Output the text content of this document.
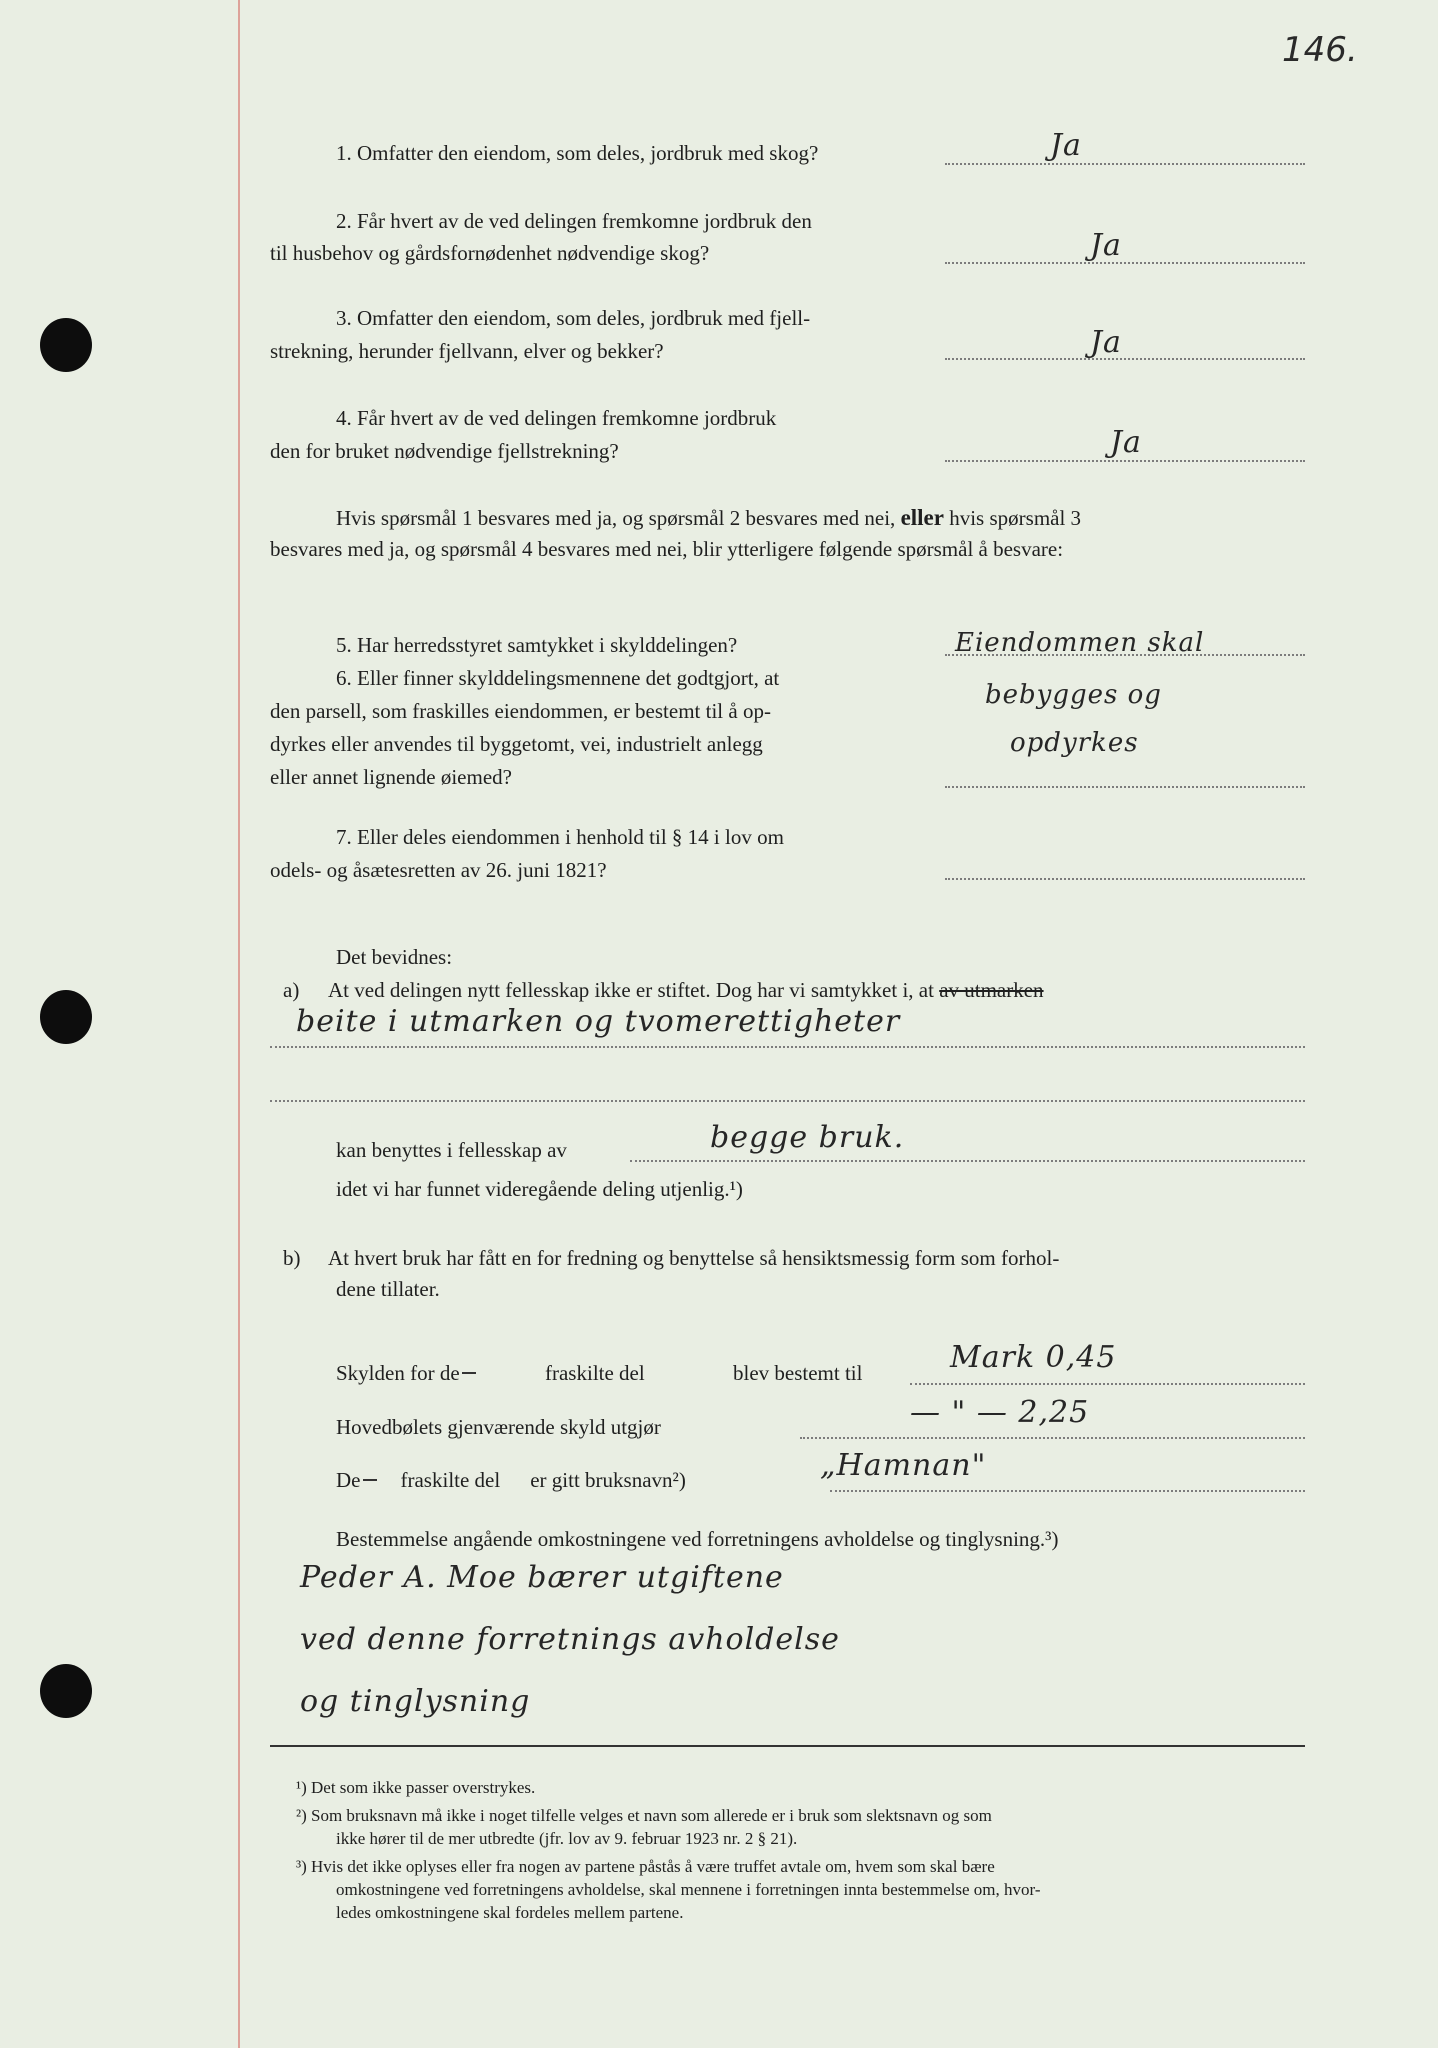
146.
1. Omfatter den eiendom, som deles, jordbruk med skog?	Ja
2. Får hvert av de ved delingen fremkomne jordbruk den
til husbehov og gårdsfornødenhet nødvendige skog?	Ja
3. Omfatter den eiendom, som deles, jordbruk med fjell-
strekning, herunder fjellvann, elver og bekker?	Ja
4. Får hvert av de ved delingen fremkomne jordbruk
den for bruket nødvendige fjellstrekning?	Ja
Hvis spørsmål 1 besvares med ja, og spørsmål 2 besvares med nei, eller hvis spørsmål 3
besvares med ja, og spørsmål 4 besvares med nei, blir ytterligere følgende spørsmål å besvare:
5. Har herredsstyret samtykket i skylddelingen?
6. Eller finner skylddelingsmennene det godtgjort, at
den parsell, som fraskilles eiendommen, er bestemt til å op-
dyrkes eller anvendes til byggetomt, vei, industrielt anlegg
eller annet lignende øiemed?
Eiendommen skal
bebygges og
opdyrkes
7. Eller deles eiendommen i henhold til § 14 i lov om
odels- og åsætesretten av 26. juni 1821?
Det bevidnes:
a) At ved delingen nytt fellesskap ikke er stiftet. Dog har vi samtykket i, at av utmarken
beite i utmarken og tvomerettigheter
kan benyttes i fellesskap av	begge bruk.
idet vi har funnet videregående deling utjenlig.¹)
b) At hvert bruk har fått en for fredning og benyttelse så hensiktsmessig form som forhol-
dene tillater.
Skylden for de	fraskilte del	blev bestemt til	Mark 0,45
Hovedbølets gjenværende skyld utgjør	— " — 2,25
De fraskilte del er gitt bruksnavn²)	„Hamnan"
Bestemmelse angående omkostningene ved forretningens avholdelse og tinglysning.³)
Peder A. Moe bærer utgiftene
ved denne forretnings avholdelse
og tinglysning
¹) Det som ikke passer overstrykes.
²) Som bruksnavn må ikke i noget tilfelle velges et navn som allerede er i bruk som slektsnavn og som
ikke hører til de mer utbredte (jfr. lov av 9. februar 1923 nr. 2 § 21).
³) Hvis det ikke oplyses eller fra nogen av partene påstås å være truffet avtale om, hvem som skal bære
omkostningene ved forretningens avholdelse, skal mennene i forretningen innta bestemmelse om, hvor-
ledes omkostningene skal fordeles mellem partene.
